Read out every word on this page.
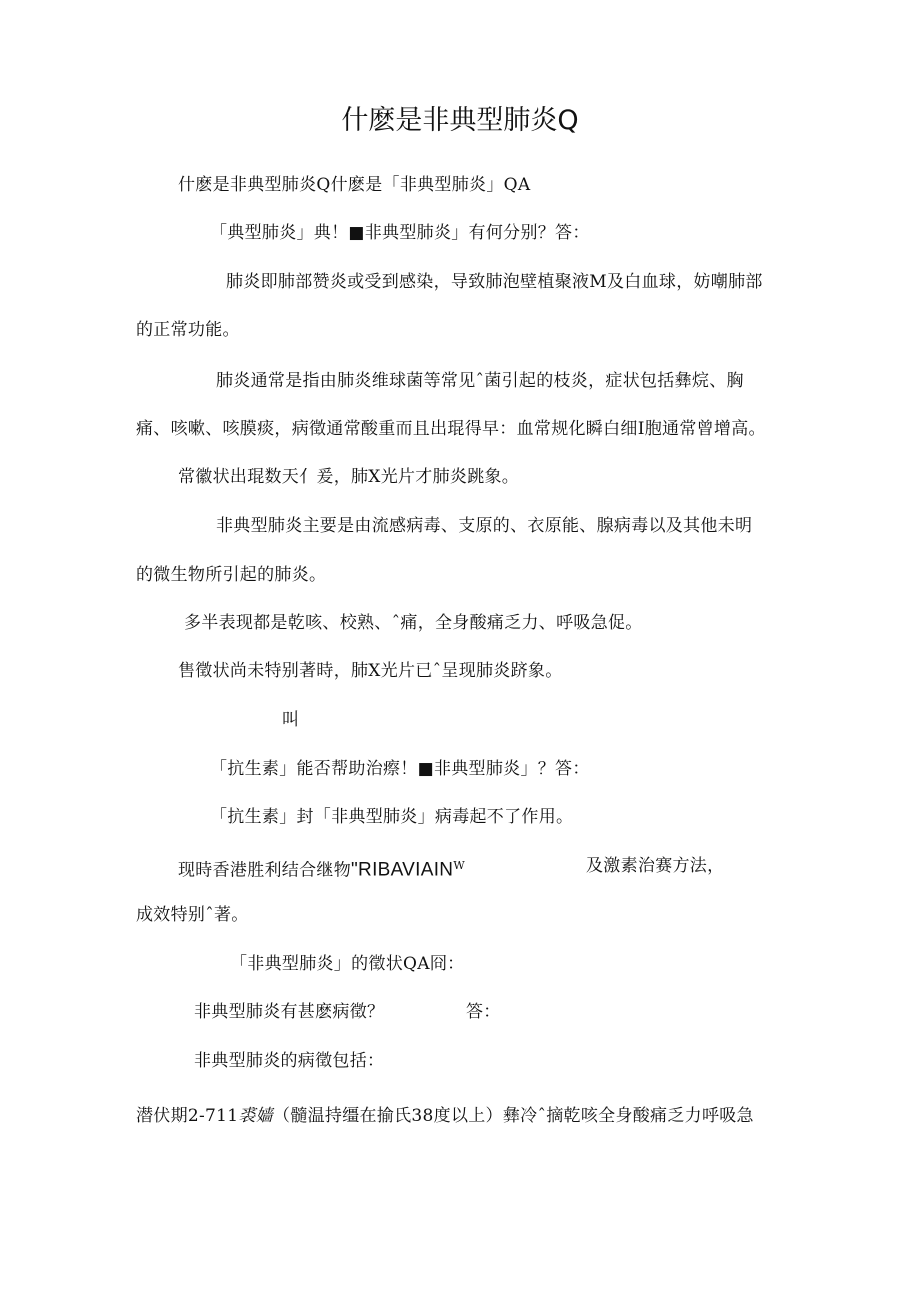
什麽是非典型肺炎Q
什麽是非典型肺炎Q什麽是「非典型肺炎」QA
「典型肺炎」典！■非典型肺炎」有何分别？答：
肺炎即肺部赞炎或受到感染，导致肺泡壁植聚液M及白血球，妨嘲肺部
的正常功能。
肺炎通常是指由肺炎维球菌等常见ˆ菌引起的枝炎，症状包括彝烷、胸
痛、咳嗽、咳膜痰，病徵通常酸重而且出琨得早：血常规化瞬白细Ⅰ胞通常曾增高。
常徽状出琨数天亻爰，肺X光片才肺炎跳象。
非典型肺炎主要是由流感病毒、支原的、衣原能、腺病毒以及其他未明
的微生物所引起的肺炎。
多半表现都是乾咳、校熟、ˆ痛，全身酸痛乏力、呼吸急促。
售徵状尚未特别著時，肺X光片已ˆ呈现肺炎跻象。
叫
「抗生素」能否帮助治瘵！■非典型肺炎」？答：
「抗生素」封「非典型肺炎」病毒起不了作用。
现時香港胜利结合继物"$RIBAVIAIN^W$	及激素治赛方法，
成效特别ˆ著。
「非典型肺炎」的徵状QA冏：
非典型肺炎有甚麽病徵？	答：
非典型肺炎的病徵包括：
潜伏期2-711裘嫱（髓温持缰在揄氏38度以上）彝冷ˆ摘乾咳全身酸痛乏力呼吸急
